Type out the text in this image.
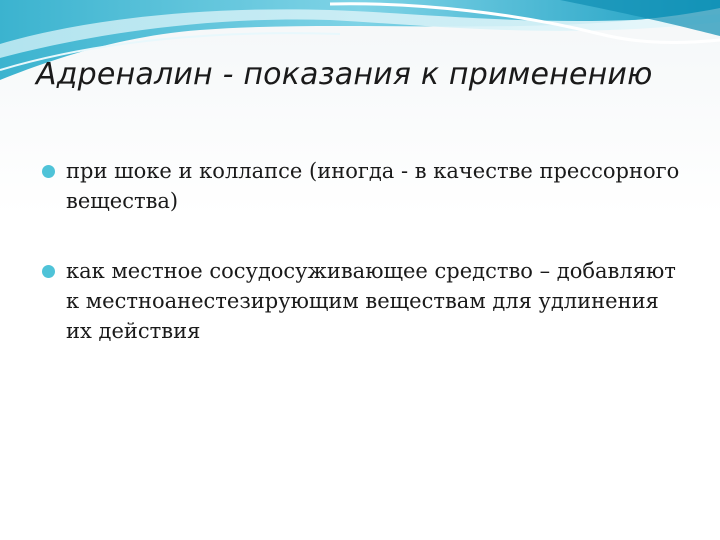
Адреналин - показания к применению
при шоке и коллапсе (иногда - в качестве прессорного вещества)
как местное сосудосуживающее средство – добавляют к местноанестезирующим веществам для удлинения их действия
